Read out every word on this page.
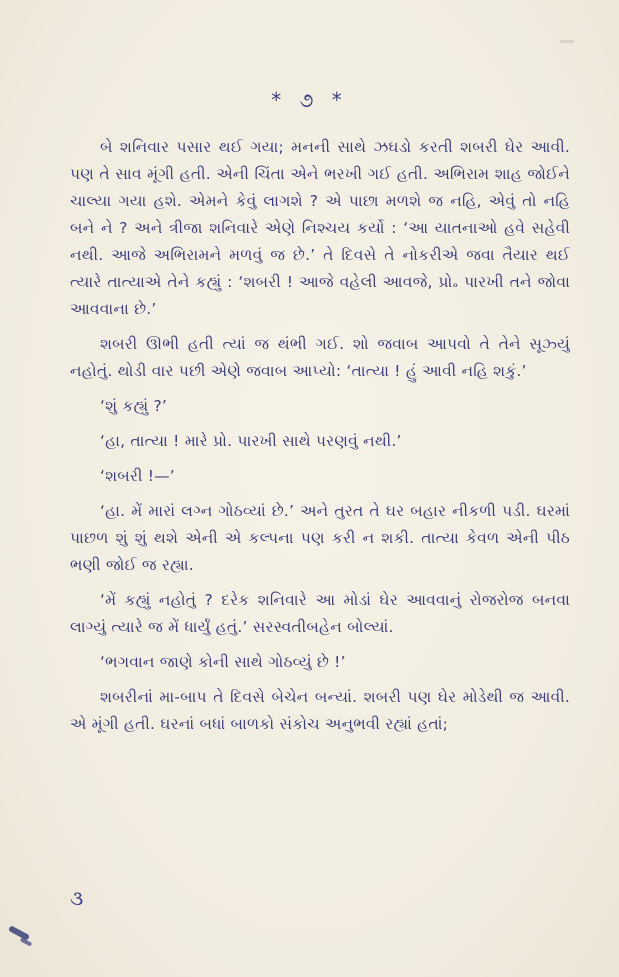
* ૭ *

બે શનિવાર પસાર થઈ ગયા; મનની સાથે ઝઘડો કરતી શબરી ઘેર આવી. પણ તે સાવ મૂંગી હતી. એની ચિંતા એને ભરખી ગઈ હતી. અભિરામ શાહ જોઈને ચાલ્યા ગયા હશે. એમને કેવું લાગશે ? એ પાછા મળશે જ નહિ, એવું તો નહિ બને ને ? અને ત્રીજા શનિવારે એણે નિશ્ચય કર્યો : ‘આ યાતનાઓ હવે સહેવી નથી. આજે અભિરામને મળવું જ છે.’ તે દિવસે તે નોકરીએ જવા તૈયાર થઈ ત્યારે તાત્યાએ તેને કહ્યું : ‘શબરી ! આજે વહેલી આવજે, પ્રો૰ પારખી તને જોવા આવવાના છે.’

શબરી ઊભી હતી ત્યાં જ થંભી ગઈ. શો જવાબ આપવો તે તેને સૂઝ્યું નહોતું. થોડી વાર પછી એણે જવાબ આપ્યો: ‘તાત્યા ! હું આવી નહિ શકું.’

‘શું કહ્યું ?’

‘હા, તાત્યા ! મારે પ્રો. પારખી સાથે પરણવું નથી.’

‘શબરી !—’

‘હા. મેં મારાં લગ્ન ગોઠવ્યાં છે.’ અને તુરત તે ઘર બહાર નીકળી પડી. ઘરમાં પાછળ શું શું થશે એની એ કલ્પના પણ કરી ન શકી. તાત્યા કેવળ એની પીઠ ભણી જોઈ જ રહ્યા.

‘મેં કહ્યું નહોતું ? દરેક શનિવારે આ મોડાં ઘેર આવવાનું રોજરોજ બનવા લાગ્યું ત્યારે જ મેં ધાર્યું હતું.’ સરસ્વતીબહેન બોલ્યાં.

‘ભગવાન જાણે કોની સાથે ગોઠવ્યું છે !’

શબરીનાં મા-બાપ તે દિવસે બેચેન બન્યાં. શબરી પણ ઘેર મોડેથી જ આવી. એ મૂંગી હતી. ઘરનાં બધાં બાળકો સંકોચ અનુભવી રહ્યાં હતાં;

૩
